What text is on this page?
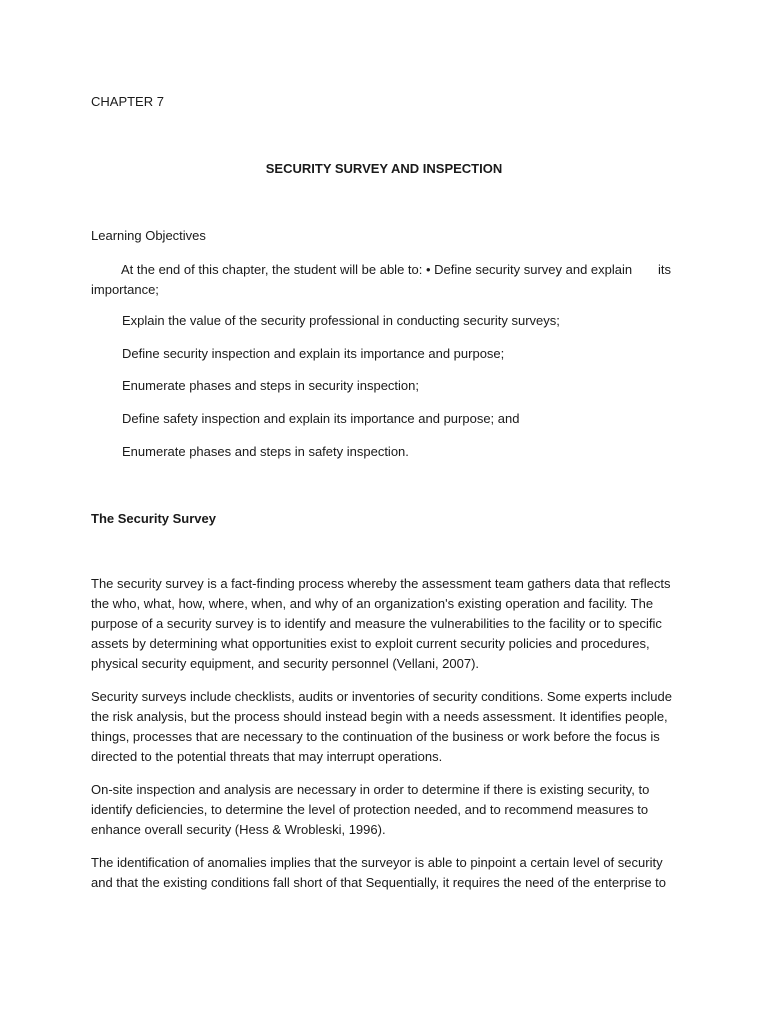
CHAPTER 7
SECURITY SURVEY AND INSPECTION
Learning Objectives
At the end of this chapter, the student will be able to: • Define security survey and explain its
importance;
Explain the value of the security professional in conducting security surveys;
Define security inspection and explain its importance and purpose;
Enumerate phases and steps in security inspection;
Define safety inspection and explain its importance and purpose; and
Enumerate phases and steps in safety inspection.
The Security Survey
The security survey is a fact-finding process whereby the assessment team gathers data that reflects the who, what, how, where, when, and why of an organization's existing operation and facility. The purpose of a security survey is to identify and measure the vulnerabilities to the facility or to specific assets by determining what opportunities exist to exploit current security policies and procedures, physical security equipment, and security personnel (Vellani, 2007).
Security surveys include checklists, audits or inventories of security conditions. Some experts include the risk analysis, but the process should instead begin with a needs assessment. It identifies people, things, processes that are necessary to the continuation of the business or work before the focus is directed to the potential threats that may interrupt operations.
On-site inspection and analysis are necessary in order to determine if there is existing security, to identify deficiencies, to determine the level of protection needed, and to recommend measures to enhance overall security (Hess & Wrobleski, 1996).
The identification of anomalies implies that the surveyor is able to pinpoint a certain level of security and that the existing conditions fall short of that Sequentially, it requires the need of the enterprise to
